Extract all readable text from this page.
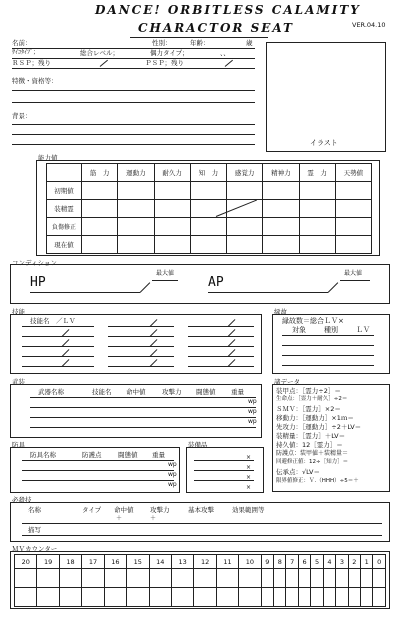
DANCE! ORBITLESS CALAMITY
CHARACTOR SEAT	VER.04.10
名前：	性別：	年齢：	歳
ｻｲｺﾀｲﾌﾟ；	総合レベル；	偶力タイプ；	、、
ＲＳＰ；残り	ＰＳＰ；残り
特徴・資格等：
背景：
イラスト
能力値
	筋　力	運動力	耐久力	知　力	感覚力	精神力	霊　力	天勢値
初期値								
装精霊								
負傷修正								
現在値								
コンディション
HP
最大値
AP
最大値
技能
技能名　／ＬＶ
縁故
縁故数＝総合ＬＶ×
対象	種別	ＬＶ
武装
武器名称	技能名 命中値	攻撃力 闘態値 重量
wp
wp
wp
諸データ
装甲点：［霊力÷2］＝
生命点：［霊力＋耐久］÷2＝
ＳＭＶ：［霊力］×2＝
移動力：［運動力］×1ｍ＝
先攻力：［運動力］÷2＋LV＝
装精量：［霊力］＋LV＝
持久値：12［霊力］＝
防護点：装甲値＋装精量＝
回避修正値：12÷［知力］＝
伝承点：√LV＝
限界値修正：Ｖ.（HHH）÷5＝＋
防具
防具名称	防護点	闘態値 重量
wp
wp
wp
装備品
×
×
×
×
必殺技
名称	タイプ 命中値	攻撃力	基本攻撃	効果範囲等
＋	＋
描写
ＭＶカウンター
20	19	18	17	16	15	14	13	12	11	10	9	8	7	6	5	4	3	2	1	0
